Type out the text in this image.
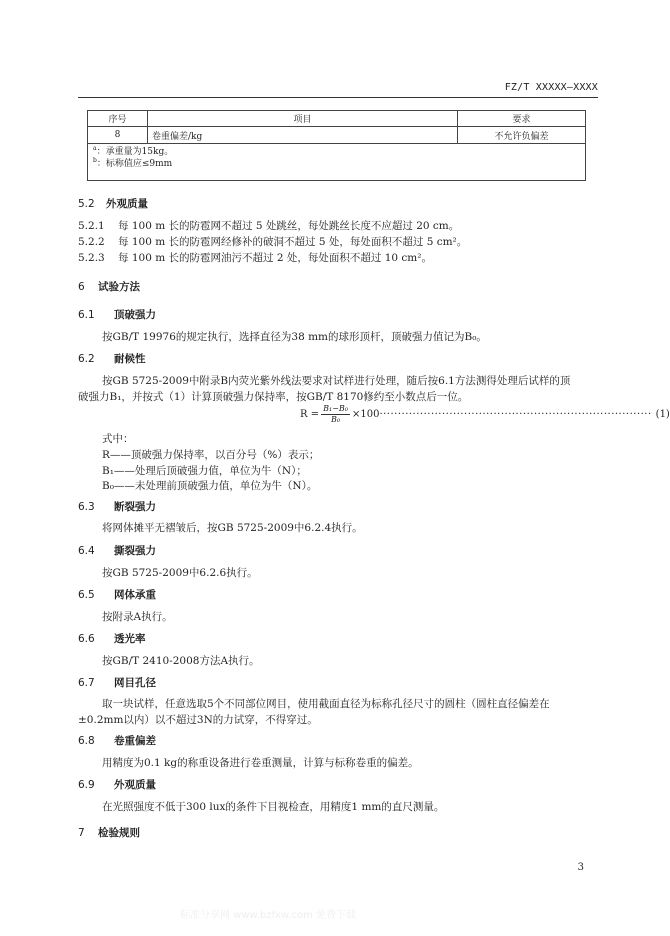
FZ/T XXXXX—XXXX
序号	项目	要求
8	卷重偏差/kg	不允许负偏差

$^a$：承重量为15kg。
$^b$：标称值应≤9mm		
5.2 外观质量
5.2.1 每 100 m 长的防雹网不超过 5 处跳丝，每处跳丝长度不应超过 20 cm。
5.2.2 每 100 m 长的防雹网经修补的破洞不超过 5 处，每处面积不超过 5 cm²。
5.2.3 每 100 m 长的防雹网油污不超过 2 处，每处面积不超过 10 cm²。
6 试验方法
6.1 顶破强力
按GB/T 19976的规定执行，选择直径为38 mm的球形顶杆，顶破强力值记为B₀。
6.2 耐候性
按GB 5725-2009中附录B内荧光紫外线法要求对试样进行处理，随后按6.1方法测得处理后试样的顶
破强力B₁，并按式（1）计算顶破强力保持率，按GB/T 8170修约至小数点后一位。
$R = \frac{\text{B₁−B₀}}{\text{B₀}} \times 100$ ·········································································· (1)
式中：
R——顶破强力保持率，以百分号（%）表示；
B₁——处理后顶破强力值，单位为牛（N）；
B₀——未处理前顶破强力值，单位为牛（N）。
6.3 断裂强力
将网体摊平无褶皱后，按GB 5725-2009中6.2.4执行。
6.4 撕裂强力
按GB 5725-2009中6.2.6执行。
6.5 网体承重
按附录A执行。
6.6 透光率
按GB/T 2410-2008方法A执行。
6.7 网目孔径
取一块试样，任意选取5个不同部位网目，使用截面直径为标称孔径尺寸的圆柱（圆柱直径偏差在
±0.2mm以内）以不超过3N的力试穿，不得穿过。
6.8 卷重偏差
用精度为0.1 kg的称重设备进行卷重测量，计算与标称卷重的偏差。
6.9 外观质量
在光照强度不低于300 lux的条件下目视检查，用精度1 mm的直尺测量。
7 检验规则
3
标准分享网 www.bzfxw.com 免费下载
